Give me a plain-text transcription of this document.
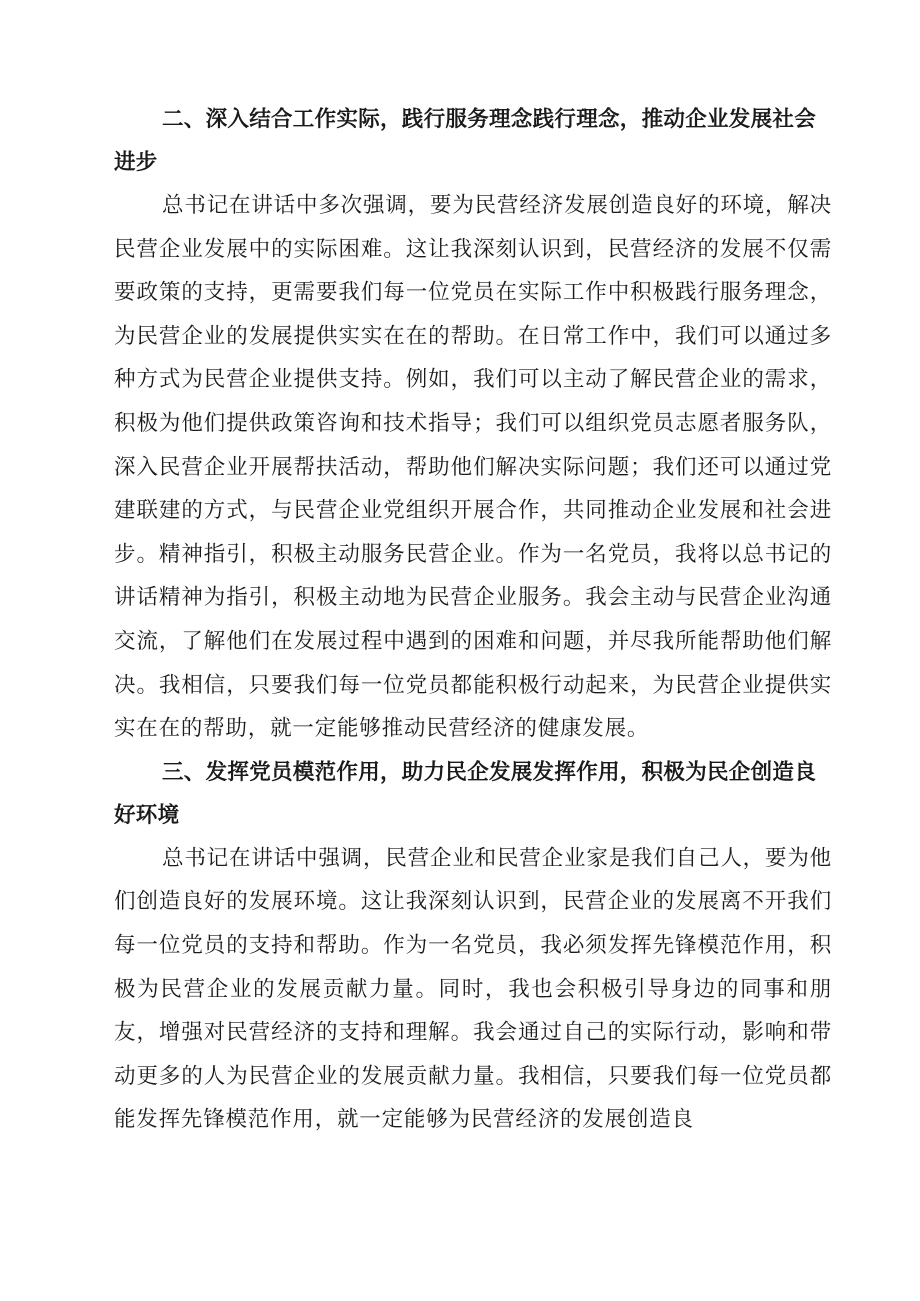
二、深入结合工作实际，践行服务理念践行理念，推动企业发展社会进步

总书记在讲话中多次强调，要为民营经济发展创造良好的环境，解决民营企业发展中的实际困难。这让我深刻认识到，民营经济的发展不仅需要政策的支持，更需要我们每一位党员在实际工作中积极践行服务理念，为民营企业的发展提供实实在在的帮助。在日常工作中，我们可以通过多种方式为民营企业提供支持。例如，我们可以主动了解民营企业的需求，积极为他们提供政策咨询和技术指导；我们可以组织党员志愿者服务队，深入民营企业开展帮扶活动，帮助他们解决实际问题；我们还可以通过党建联建的方式，与民营企业党组织开展合作，共同推动企业发展和社会进步。精神指引，积极主动服务民营企业。作为一名党员，我将以总书记的讲话精神为指引，积极主动地为民营企业服务。我会主动与民营企业沟通交流，了解他们在发展过程中遇到的困难和问题，并尽我所能帮助他们解决。我相信，只要我们每一位党员都能积极行动起来，为民营企业提供实实在在的帮助，就一定能够推动民营经济的健康发展。

三、发挥党员模范作用，助力民企发展发挥作用，积极为民企创造良好环境

总书记在讲话中强调，民营企业和民营企业家是我们自己人，要为他们创造良好的发展环境。这让我深刻认识到，民营企业的发展离不开我们每一位党员的支持和帮助。作为一名党员，我必须发挥先锋模范作用，积极为民营企业的发展贡献力量。同时，我也会积极引导身边的同事和朋友，增强对民营经济的支持和理解。我会通过自己的实际行动，影响和带动更多的人为民营企业的发展贡献力量。我相信，只要我们每一位党员都能发挥先锋模范作用，就一定能够为民营经济的发展创造良
